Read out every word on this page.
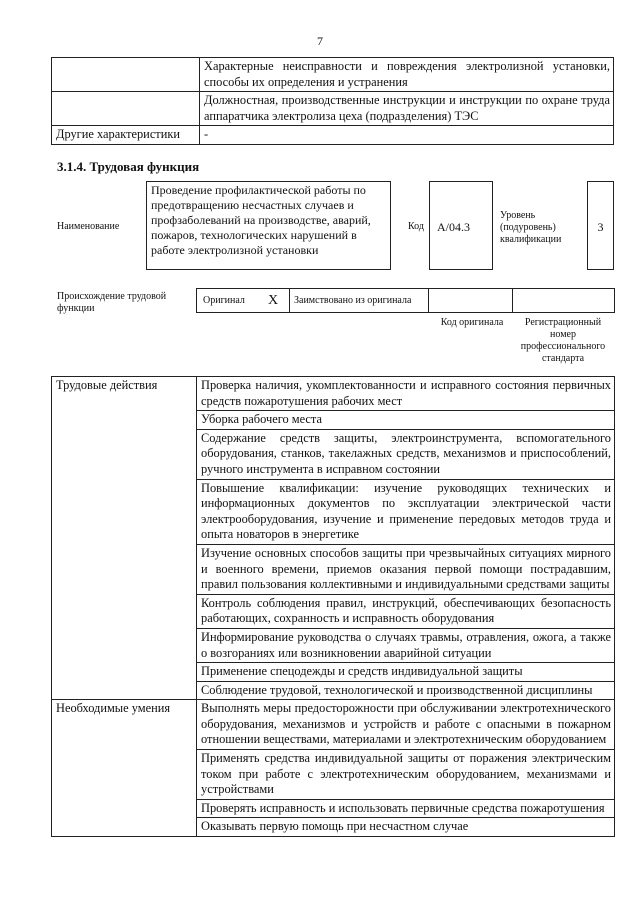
7
	Характерные неисправности и повреждения электролизной установки, способы их определения и устранения
	Должностная, производственные инструкции и инструкции по охране труда аппаратчика электролиза цеха (подразделения) ТЭС
Другие характеристики	-
3.1.4. Трудовая функция
Наименование
Проведение профилактической работы по предотвращению несчастных случаев и профзаболеваний на производстве, аварий, пожаров, технологических нарушений в работе электролизной установки
Код A/04.3
Уровень (подуровень) квалификации
3
Происхождение трудовой функции
Оригинал X Заимствовано из оригинала
Код оригинала	Регистрационный номер профессионального стандарта
Трудовые действия	Проверка наличия, укомплектованности и исправного состояния первичных средств пожаротушения рабочих мест
	Уборка рабочего места
	Содержание средств защиты, электроинструмента, вспомогательного оборудования, станков, такелажных средств, механизмов и приспособлений, ручного инструмента в исправном состоянии
	Повышение квалификации: изучение руководящих технических и информационных документов по эксплуатации электрической части электрооборудования, изучение и применение передовых методов труда и опыта новаторов в энергетике
	Изучение основных способов защиты при чрезвычайных ситуациях мирного и военного времени, приемов оказания первой помощи пострадавшим, правил пользования коллективными и индивидуальными средствами защиты
	Контроль соблюдения правил, инструкций, обеспечивающих безопасность работающих, сохранность и исправность оборудования
	Информирование руководства о случаях травмы, отравления, ожога, а также о возгораниях или возникновении аварийной ситуации
	Применение спецодежды и средств индивидуальной защиты
	Соблюдение трудовой, технологической и производственной дисциплины
Необходимые умения	Выполнять меры предосторожности при обслуживании электротехнического оборудования, механизмов и устройств и работе с опасными в пожарном отношении веществами, материалами и электротехническим оборудованием
	Применять средства индивидуальной защиты от поражения электрическим током при работе с электротехническим оборудованием, механизмами и устройствами
	Проверять исправность и использовать первичные средства пожаротушения
	Оказывать первую помощь при несчастном случае
